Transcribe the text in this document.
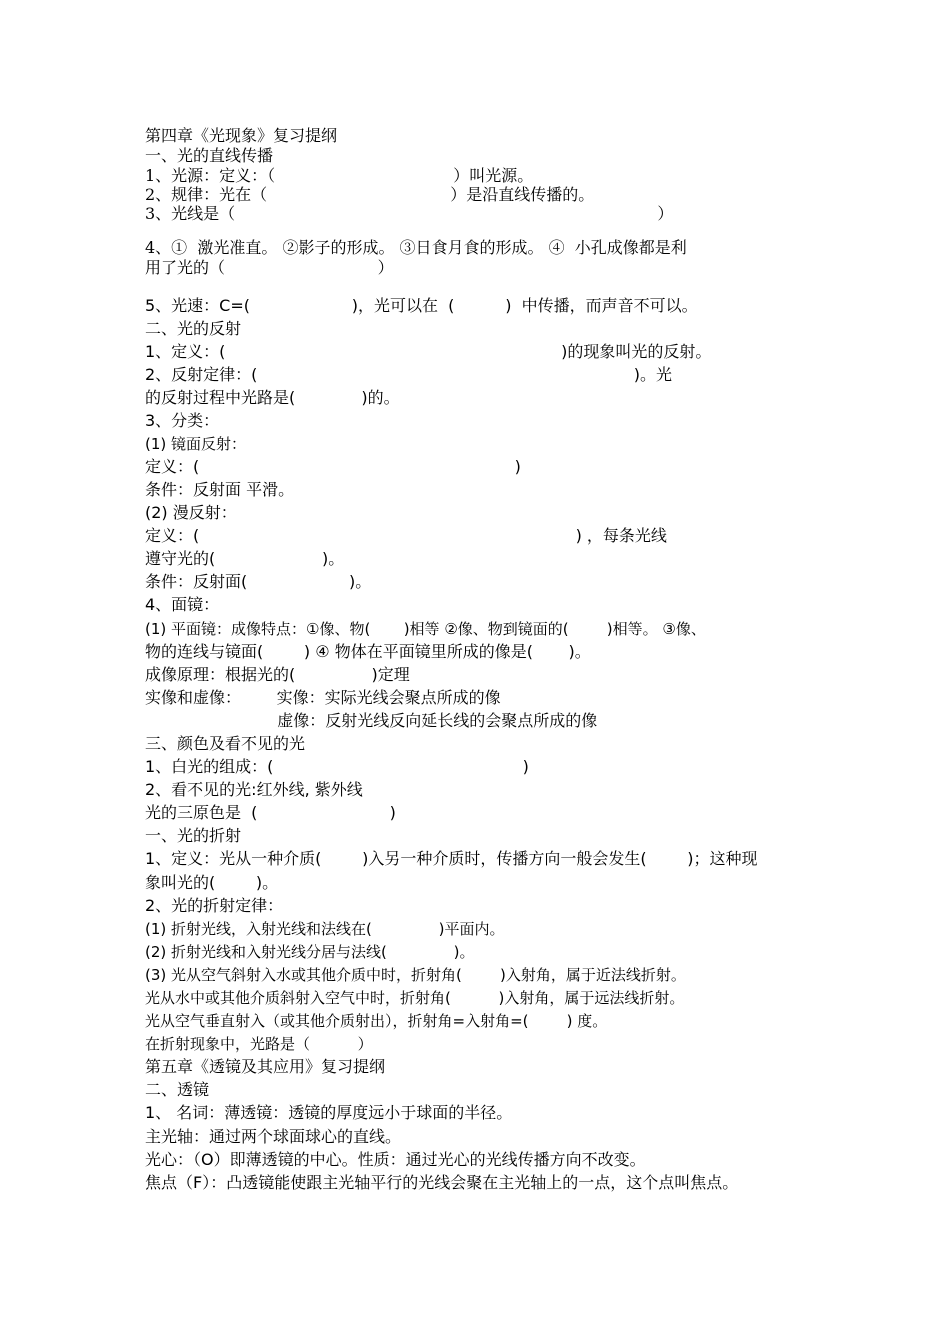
第四章《光现象》复习提纲
一、光的直线传播
1、光源：定义：（                                   ）叫光源。
2、规律：光在（                                    ）是沿直线传播的。
3、光线是（                                                                                   ）
4、①  激光准直。 ②影子的形成。 ③日食月食的形成。 ④  小孔成像都是利
用了光的（                              ）
5、光速：C=(                    )，光可以在  (          )  中传播，而声音不可以。
二、光的反射
1、定义：(                                                                  )的现象叫光的反射。
2、反射定律：(                                                                          )。光
的反射过程中光路是(             )的。
3、分类：
(1) 镜面反射：
定义：(                                                              )
条件：反射面 平滑。
(2) 漫反射：
定义：(                                                                          ) ，每条光线
遵守光的(                     )。
条件：反射面(                    )。
4、面镜：
(1) 平面镜：成像特点：①像、物(       )相等 ②像、物到镜面的(        )相等。 ③像、
物的连线与镜面(        ) ④ 物体在平面镜里所成的像是(       )。
成像原理：根据光的(               )定理
实像和虚像：       实像：实际光线会聚点所成的像
虚像：反射光线反向延长线的会聚点所成的像
三、颜色及看不见的光
1、白光的组成：(                                                 )
2、看不见的光:红外线, 紫外线
光的三原色是  (                          )
一、光的折射
1、定义：光从一种介质(        )入另一种介质时，传播方向一般会发生(        )；这种现
象叫光的(        )。
2、光的折射定律：
(1) 折射光线，入射光线和法线在(              )平面内。
(2) 折射光线和入射光线分居与法线(              )。
(3) 光从空气斜射入水或其他介质中时，折射角(        )入射角，属于近法线折射。
光从水中或其他介质斜射入空气中时，折射角(          )入射角，属于远法线折射。
光从空气垂直射入（或其他介质射出），折射角=入射角=(        ) 度。
在折射现象中，光路是（          ）
第五章《透镜及其应用》复习提纲
二、透镜
1、 名词：薄透镜：透镜的厚度远小于球面的半径。
主光轴：通过两个球面球心的直线。
光心：（O）即薄透镜的中心。性质：通过光心的光线传播方向不改变。
焦点（F）：凸透镜能使跟主光轴平行的光线会聚在主光轴上的一点，这个点叫焦点。
